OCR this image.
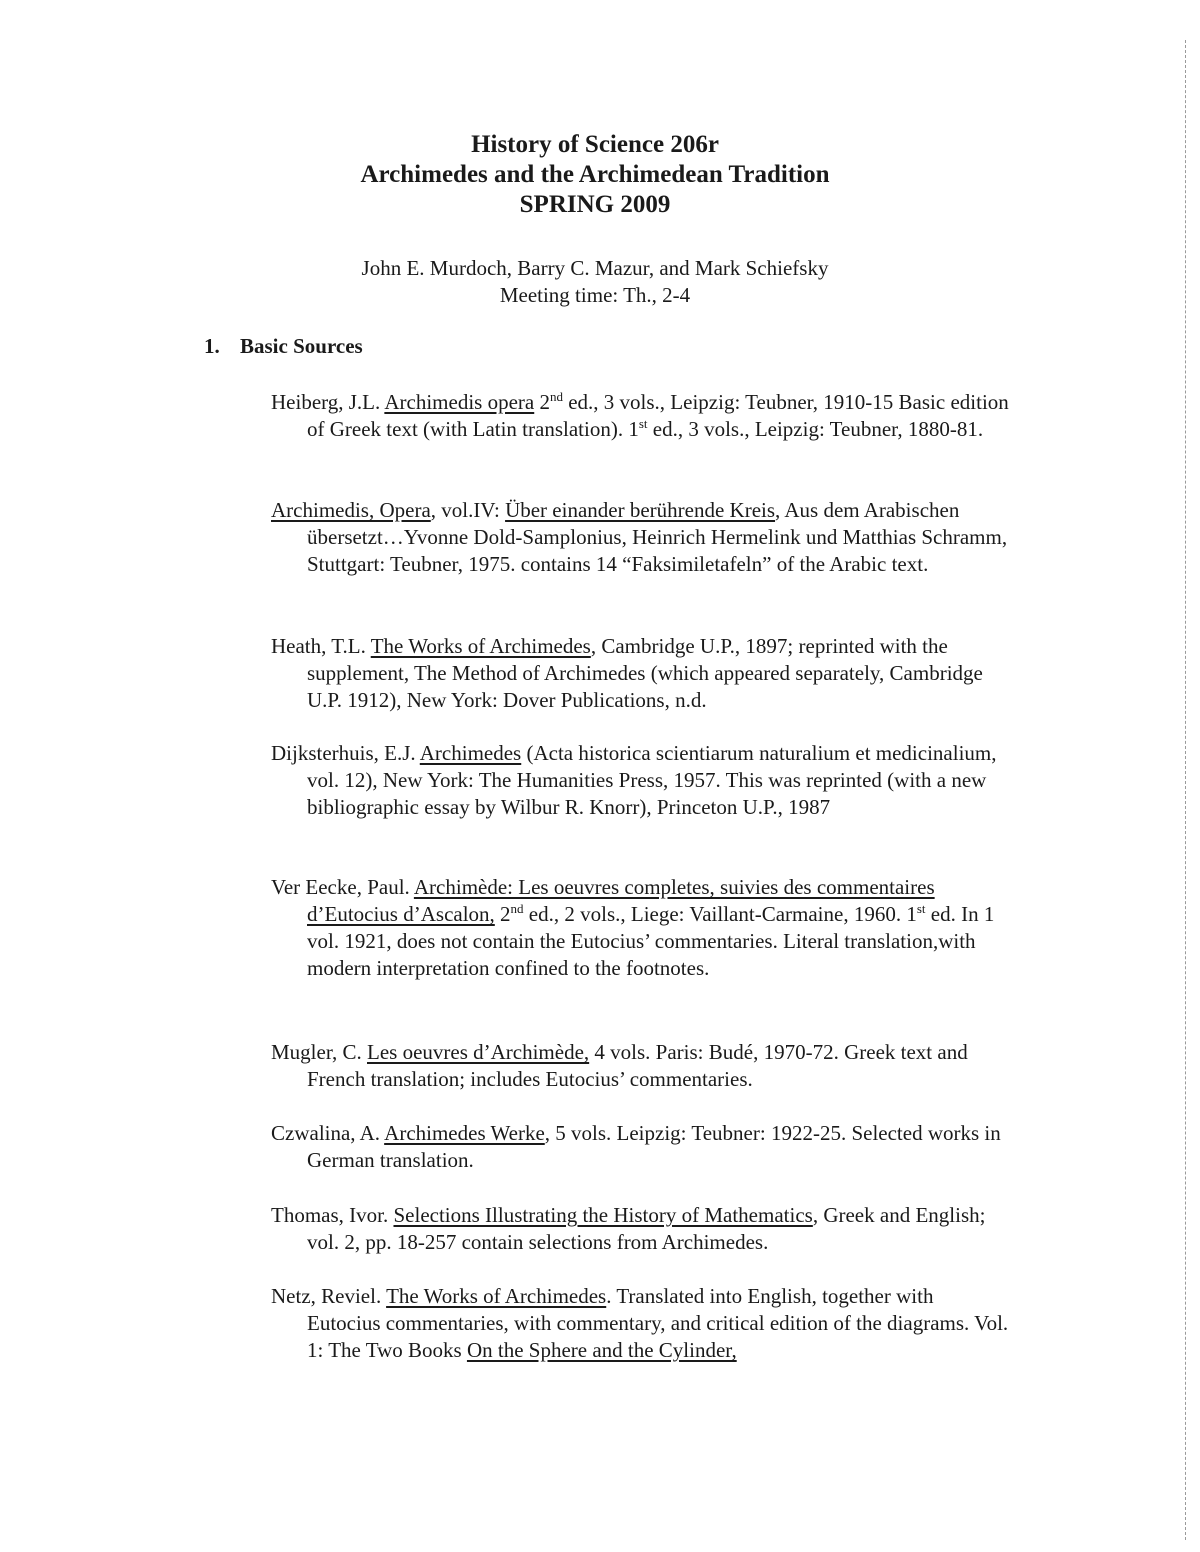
History of Science 206r
Archimedes and the Archimedean Tradition
SPRING 2009
John E. Murdoch, Barry C. Mazur, and Mark Schiefsky
Meeting time: Th., 2-4
1. Basic Sources

Heiberg, J.L. Archimedis opera 2nd ed., 3 vols., Leipzig: Teubner, 1910-15 Basic edition of Greek text (with Latin translation). 1st ed., 3 vols., Leipzig: Teubner, 1880-81.

Archimedis, Opera, vol.IV: Über einander berührende Kreis, Aus dem Arabischen übersetzt…Yvonne Dold-Samplonius, Heinrich Hermelink und Matthias Schramm, Stuttgart: Teubner, 1975. contains 14 “Faksimiletafeln” of the Arabic text.

Heath, T.L. The Works of Archimedes, Cambridge U.P., 1897; reprinted with the supplement, The Method of Archimedes (which appeared separately, Cambridge U.P. 1912), New York: Dover Publications, n.d.

Dijksterhuis, E.J. Archimedes (Acta historica scientiarum naturalium et medicinalium, vol. 12), New York: The Humanities Press, 1957. This was reprinted (with a new bibliographic essay by Wilbur R. Knorr), Princeton U.P., 1987

Ver Eecke, Paul. Archimède: Les oeuvres completes, suivies des commentaires d’Eutocius d’Ascalon, 2nd ed., 2 vols., Liege: Vaillant-Carmaine, 1960. 1st ed. In 1 vol. 1921, does not contain the Eutocius’ commentaries. Literal translation,with modern interpretation confined to the footnotes.

Mugler, C. Les oeuvres d’Archimède, 4 vols. Paris: Budé, 1970-72. Greek text and French translation; includes Eutocius’ commentaries.

Czwalina, A. Archimedes Werke, 5 vols. Leipzig: Teubner: 1922-25. Selected works in German translation.

Thomas, Ivor. Selections Illustrating the History of Mathematics, Greek and English; vol. 2, pp. 18-257 contain selections from Archimedes.

Netz, Reviel. The Works of Archimedes. Translated into English, together with Eutocius commentaries, with commentary, and critical edition of the diagrams. Vol. 1: The Two Books On the Sphere and the Cylinder,
